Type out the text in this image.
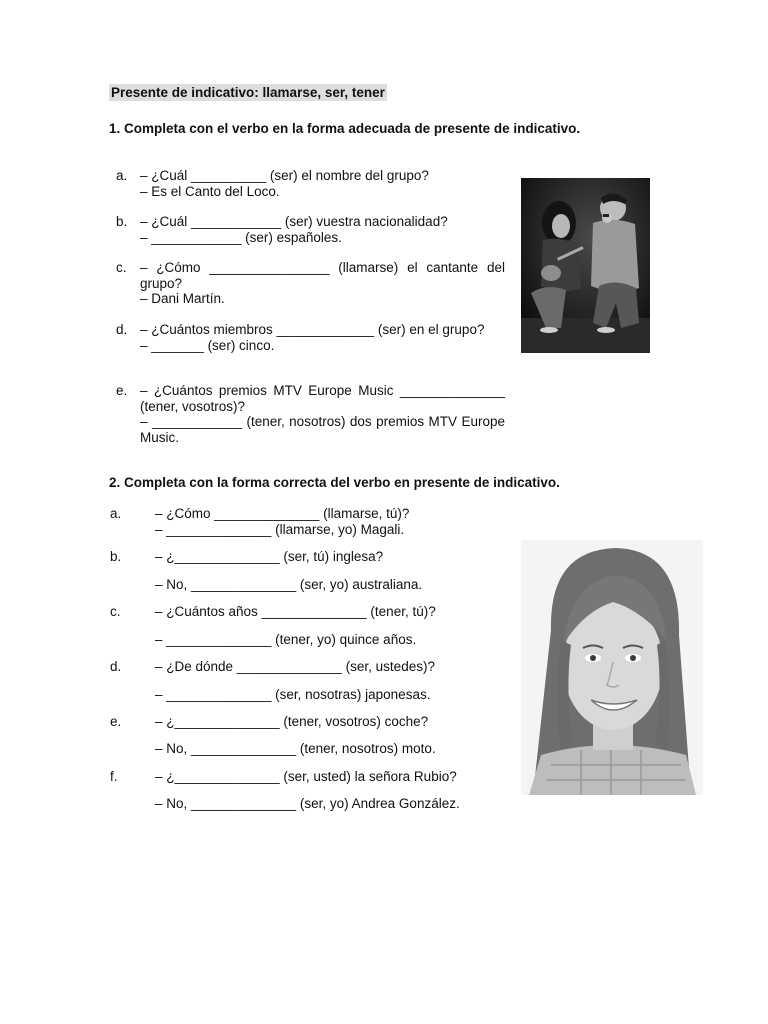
Presente de indicativo: llamarse, ser, tener
1. Completa con el verbo en la forma adecuada de presente de indicativo.
a. – ¿Cuál __________ (ser) el nombre del grupo?
– Es el Canto del Loco.
b. – ¿Cuál ____________ (ser) vuestra nacionalidad?
– ____________ (ser) españoles.
c. – ¿Cómo ________________ (llamarse) el cantante del grupo?
– Dani Martín.
d. – ¿Cuántos miembros _____________ (ser) en el grupo?
– _______ (ser) cinco.
e. – ¿Cuántos premios MTV Europe Music ______________ (tener, vosotros)?
– ____________ (tener, nosotros) dos premios MTV Europe Music.
2. Completa con la forma correcta del verbo en presente de indicativo.
a. – ¿Cómo ______________ (llamarse, tú)?
– ______________ (llamarse, yo) Magali.
b. – ¿______________ (ser, tú) inglesa?
– No, ______________ (ser, yo) australiana.
c.	– ¿Cuántos años ______________ (tener, tú)?
– ______________ (tener, yo) quince años.
d. – ¿De dónde ______________ (ser, ustedes)?
– ______________ (ser, nosotras) japonesas.
e. – ¿______________ (tener, vosotros) coche?
– No, ______________ (tener, nosotros) moto.
f.	– ¿______________ (ser, usted) la señora Rubio?
– No, ______________ (ser, yo) Andrea González.
